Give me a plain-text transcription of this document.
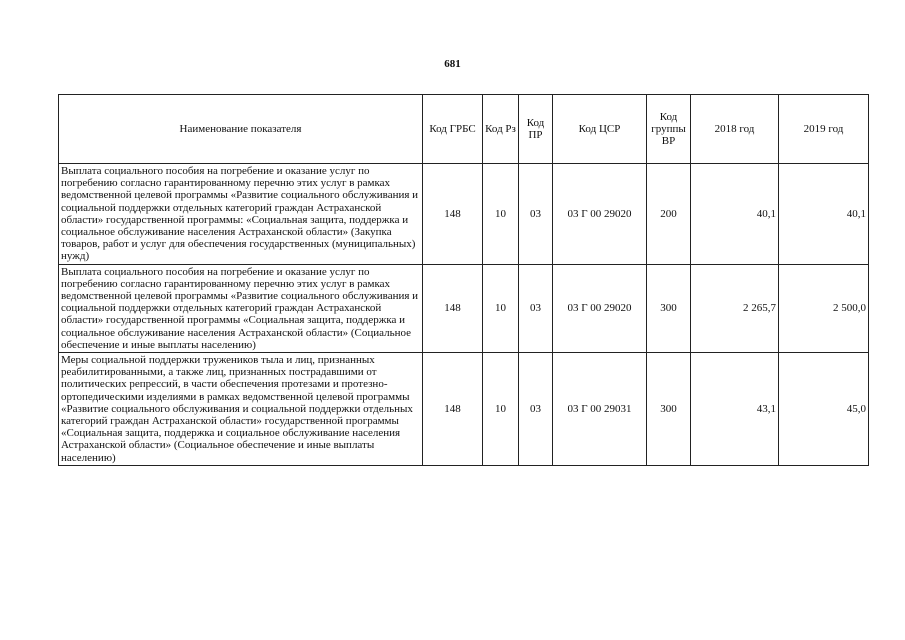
681
Наименование показателя	Код ГРБС	Код Рз	Код ПР	Код ЦСР	Код группы ВР	2018 год	2019 год
Выплата социального пособия на погребение и оказание услуг по погребению согласно гарантированному перечню этих услуг в рамках ведомственной целевой программы «Развитие социального обслуживания и социальной поддержки отдельных категорий граждан Астраханской области» государственной программы: «Социальная защита, поддержка и социальное обслуживание населения Астраханской области» (Закупка товаров, работ и услуг для обеспечения государственных (муниципальных) нужд)	148	10	03	03 Г 00 29020	200	40,1	40,1
Выплата социального пособия на погребение и оказание услуг по погребению согласно гарантированному перечню этих услуг в рамках ведомственной целевой программы «Развитие социального обслуживания и социальной поддержки отдельных категорий граждан Астраханской области» государственной программы «Социальная защита, поддержка и социальное обслуживание населения Астраханской области» (Социальное обеспечение и иные выплаты населению)	148	10	03	03 Г 00 29020	300	2 265,7	2 500,0
Меры социальной поддержки тружеников тыла и лиц, признанных реабилитированными, а также лиц, признанных пострадавшими от политических репрессий, в части обеспечения протезами и протезно-ортопедическими изделиями в рамках ведомственной целевой программы «Развитие социального обслуживания и социальной поддержки отдельных категорий граждан Астраханской области» государственной программы «Социальная защита, поддержка и социальное обслуживание населения Астраханской области» (Социальное обеспечение и иные выплаты населению)	148	10	03	03 Г 00 29031	300	43,1	45,0
